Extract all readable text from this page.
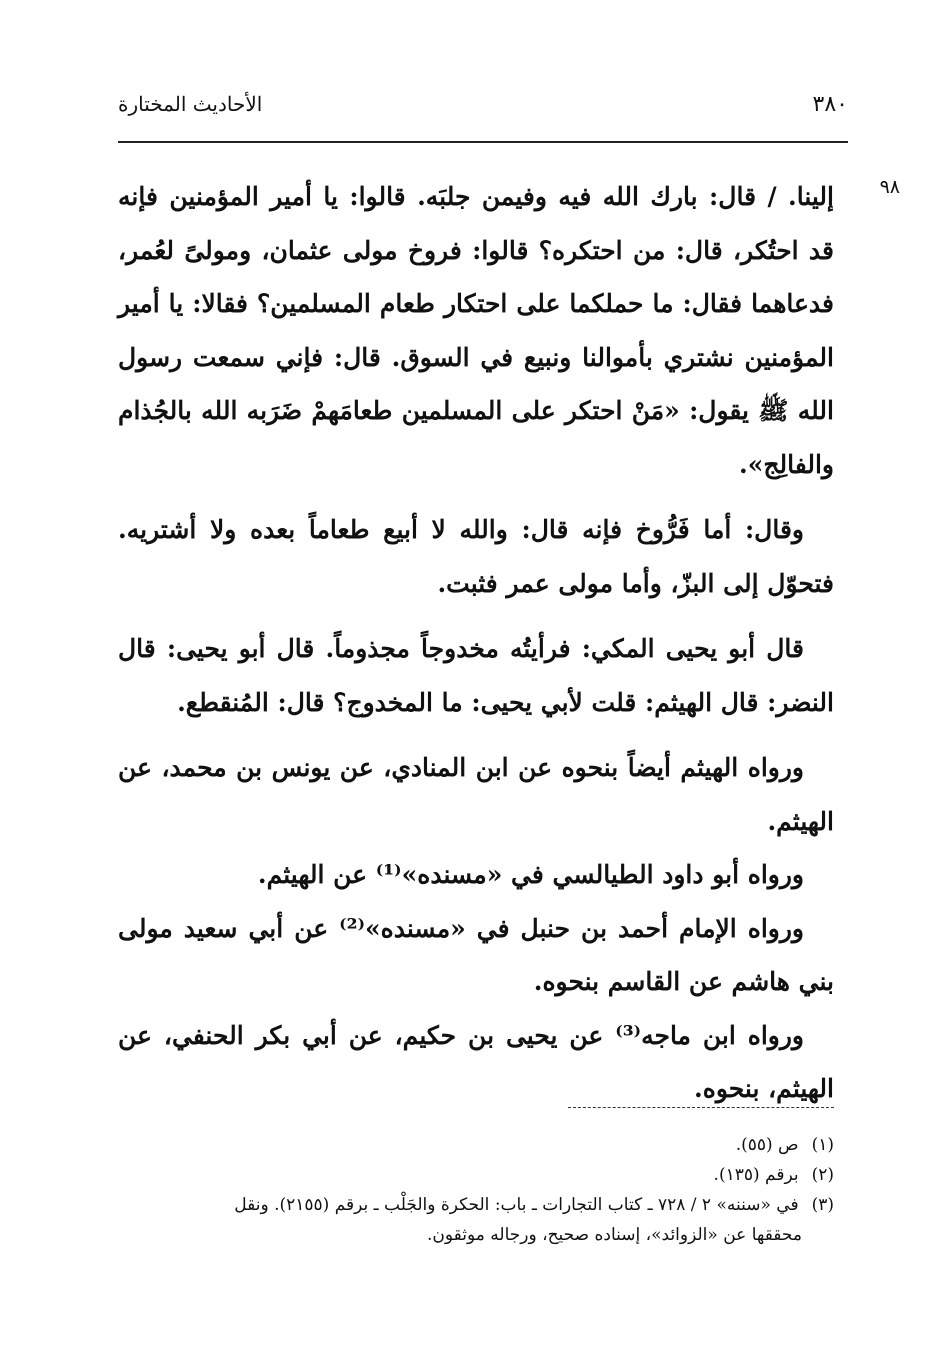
٣٨٠
الأحاديث المختارة
٩٨

إلينا. / قال: بارك الله فيه وفيمن جلبَه. قالوا: يا أمير المؤمنين فإنه قد احتُكر، قال: من احتكره؟ قالوا: فروخ مولى عثمان، ومولىً لعُمر، فدعاهما فقال: ما حملكما على احتكار طعام المسلمين؟ فقالا: يا أمير المؤمنين نشتري بأموالنا ونبيع في السوق. قال: فإني سمعت رسول الله ﷺ يقول: «مَنْ احتكر على المسلمين طعامَهمْ ضَرَبه الله بالجُذام والفالِج».

وقال: أما فَرُّوخ فإنه قال: والله لا أبيع طعاماً بعده ولا أشتريه. فتحوّل إلى البزّ، وأما مولى عمر فثبت.

قال أبو يحيى المكي: فرأيتُه مخدوجاً مجذوماً. قال أبو يحيى: قال النضر: قال الهيثم: قلت لأبي يحيى: ما المخدوج؟ قال: المُنقطع.

ورواه الهيثم أيضاً بنحوه عن ابن المنادي، عن يونس بن محمد، عن الهيثم.

ورواه أبو داود الطيالسي في «مسنده»⁽¹⁾ عن الهيثم.

ورواه الإمام أحمد بن حنبل في «مسنده»⁽²⁾ عن أبي سعيد مولى بني هاشم عن القاسم بنحوه.

ورواه ابن ماجه⁽³⁾ عن يحيى بن حكيم، عن أبي بكر الحنفي، عن الهيثم، بنحوه.

(١) ص (٥٥).

(٢) برقم (١٣٥).

(٣) في «سننه» ٢ / ٧٢٨ ـ كتاب التجارات ـ باب: الحكرة والجَلْب ـ برقم (٢١٥٥). ونقل

محققها عن «الزوائد»، إسناده صحيح، ورجاله موثقون.
